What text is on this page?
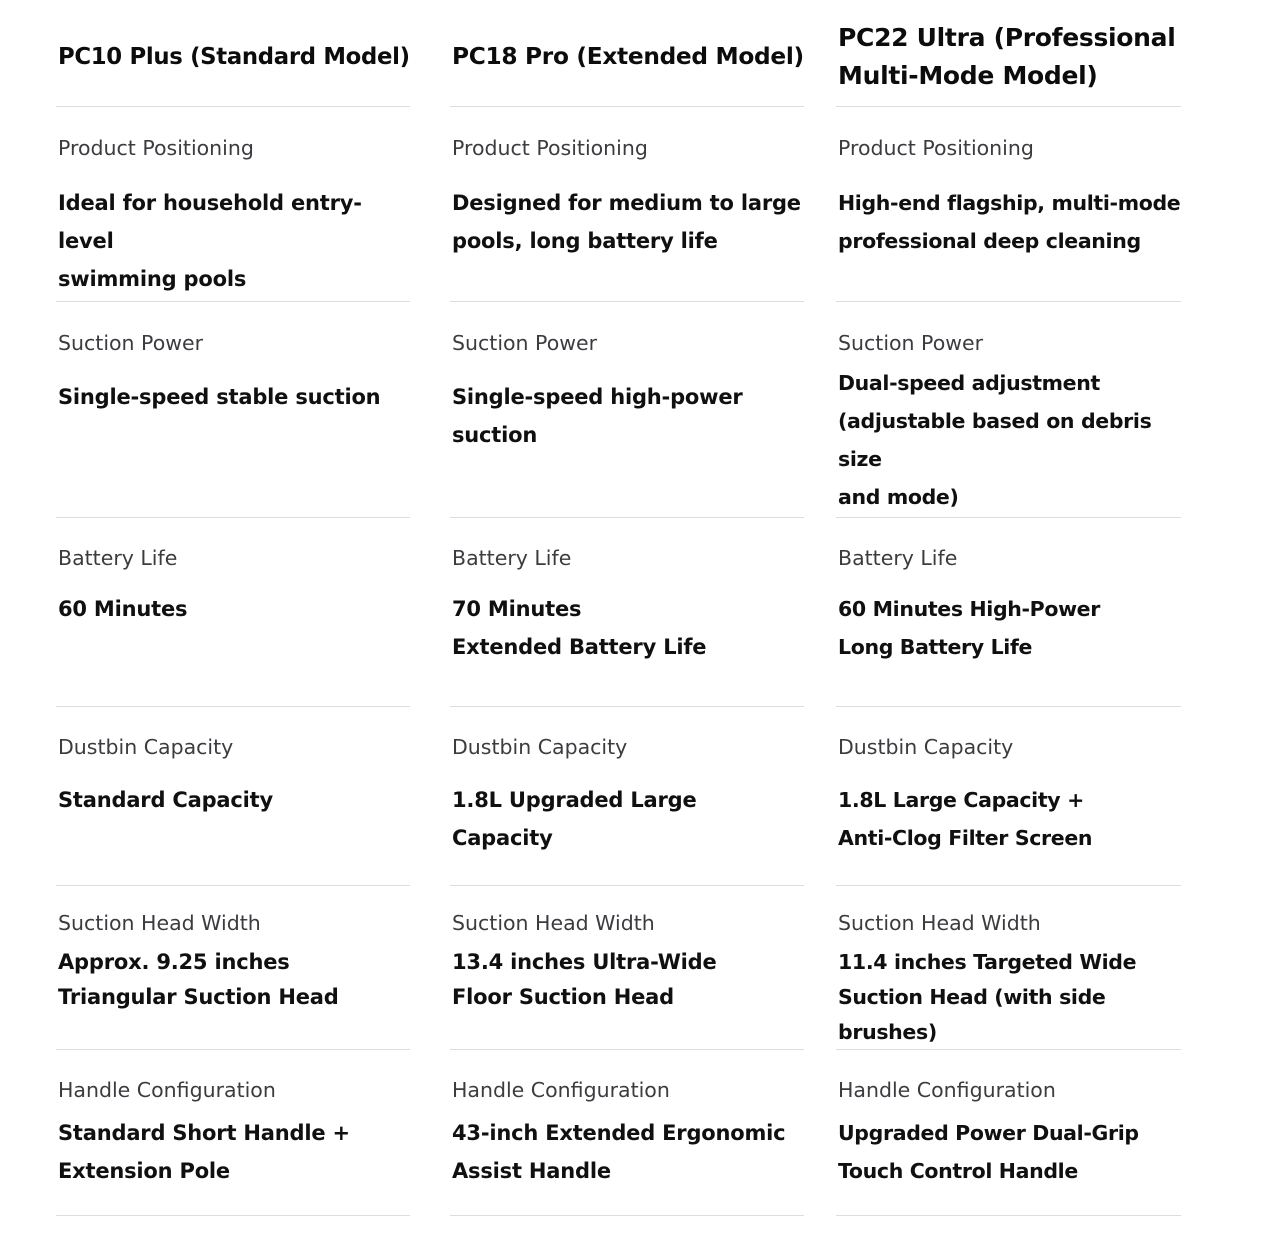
PC10 Plus (Standard Model)
Product Positioning
Ideal for household entry-level
swimming pools
Suction Power
Single-speed stable suction
Battery Life
60 Minutes
Dustbin Capacity
Standard Capacity
Suction Head Width
Approx. 9.25 inches
Triangular Suction Head
Handle Configuration
Standard Short Handle +
Extension Pole
PC18 Pro (Extended Model)
Product Positioning
Designed for medium to large
pools, long battery life
Suction Power
Single-speed high-power suction
Battery Life
70 Minutes
Extended Battery Life
Dustbin Capacity
1.8L Upgraded Large Capacity
Suction Head Width
13.4 inches Ultra-Wide
Floor Suction Head
Handle Configuration
43-inch Extended Ergonomic
Assist Handle
PC22 Ultra (Professional
Multi-Mode Model)
Product Positioning
High-end flagship, multi-mode
professional deep cleaning
Suction Power
Dual-speed adjustment
(adjustable based on debris size
and mode)
Battery Life
60 Minutes High-Power
Long Battery Life
Dustbin Capacity
1.8L Large Capacity +
Anti-Clog Filter Screen
Suction Head Width
11.4 inches Targeted Wide
Suction Head (with side brushes)
Handle Configuration
Upgraded Power Dual-Grip
Touch Control Handle
